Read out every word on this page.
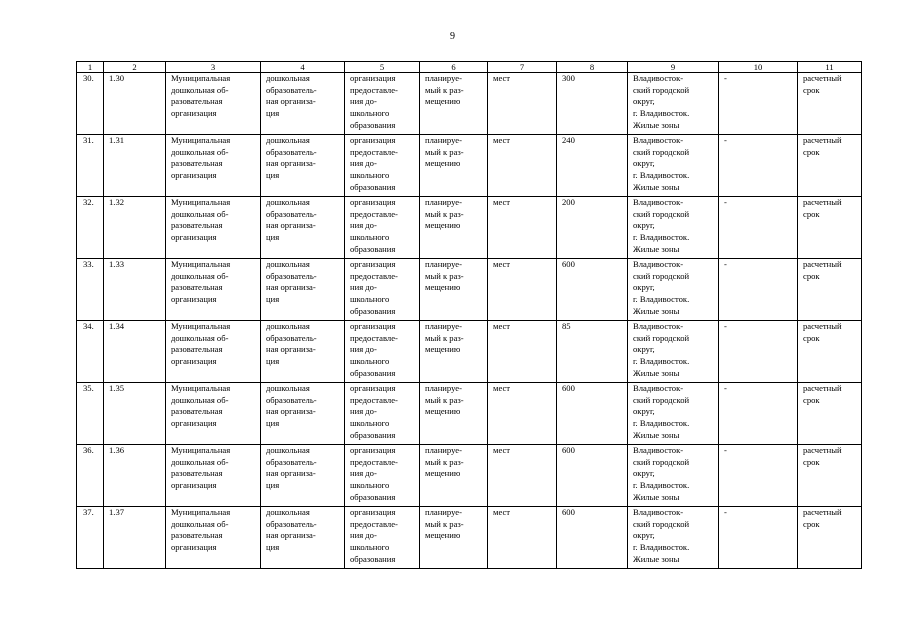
9
1	2	3	4	5	6	7	8	9	10	11
30.	1.30	Муниципальная
дошкольная об-
разовательная
организация	дошкольная
образователь-
ная организа-
ция	организация
предоставле-
ния до-
школьного
образования	планируе-
мый к раз-
мещению	мест	300	Владивосток-
ский городской
округ,
г. Владивосток.
Жилые зоны	-	расчетный
срок
31.	1.31	Муниципальная
дошкольная об-
разовательная
организация	дошкольная
образователь-
ная организа-
ция	организация
предоставле-
ния до-
школьного
образования	планируе-
мый к раз-
мещению	мест	240	Владивосток-
ский городской
округ,
г. Владивосток.
Жилые зоны	-	расчетный
срок
32.	1.32	Муниципальная
дошкольная об-
разовательная
организация	дошкольная
образователь-
ная организа-
ция	организация
предоставле-
ния до-
школьного
образования	планируе-
мый к раз-
мещению	мест	200	Владивосток-
ский городской
округ,
г. Владивосток.
Жилые зоны	-	расчетный
срок
33.	1.33	Муниципальная
дошкольная об-
разовательная
организация	дошкольная
образователь-
ная организа-
ция	организация
предоставле-
ния до-
школьного
образования	планируе-
мый к раз-
мещению	мест	600	Владивосток-
ский городской
округ,
г. Владивосток.
Жилые зоны	-	расчетный
срок
34.	1.34	Муниципальная
дошкольная об-
разовательная
организация	дошкольная
образователь-
ная организа-
ция	организация
предоставле-
ния до-
школьного
образования	планируе-
мый к раз-
мещению	мест	85	Владивосток-
ский городской
округ,
г. Владивосток.
Жилые зоны	-	расчетный
срок
35.	1.35	Муниципальная
дошкольная об-
разовательная
организация	дошкольная
образователь-
ная организа-
ция	организация
предоставле-
ния до-
школьного
образования	планируе-
мый к раз-
мещению	мест	600	Владивосток-
ский городской
округ,
г. Владивосток.
Жилые зоны	-	расчетный
срок
36.	1.36	Муниципальная
дошкольная об-
разовательная
организация	дошкольная
образователь-
ная организа-
ция	организация
предоставле-
ния до-
школьного
образования	планируе-
мый к раз-
мещению	мест	600	Владивосток-
ский городской
округ,
г. Владивосток.
Жилые зоны	-	расчетный
срок
37.	1.37	Муниципальная
дошкольная об-
разовательная
организация	дошкольная
образователь-
ная организа-
ция	организация
предоставле-
ния до-
школьного
образования	планируе-
мый к раз-
мещению	мест	600	Владивосток-
ский городской
округ,
г. Владивосток.
Жилые зоны	-	расчетный
срок
